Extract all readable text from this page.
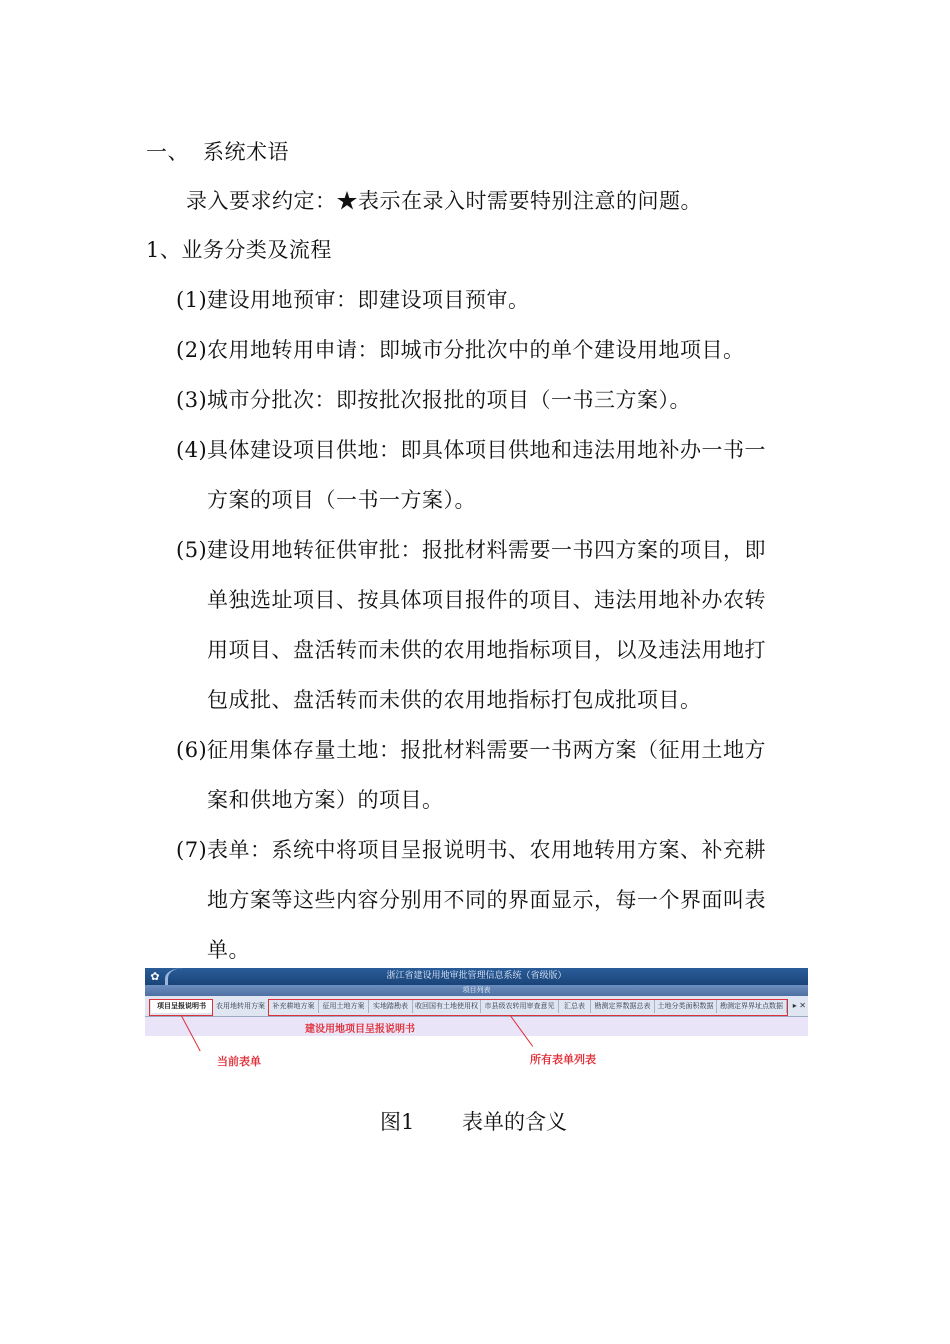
一、 系统术语
录入要求约定：★表示在录入时需要特别注意的问题。
1、业务分类及流程
(1) 建设用地预审：即建设项目预审。
(2) 农用地转用申请：即城市分批次中的单个建设用地项目。
(3) 城市分批次：即按批次报批的项目（一书三方案）。
(4) 具体建设项目供地：即具体项目供地和违法用地补办一书一
方案的项目（一书一方案）。
(5) 建设用地转征供审批：报批材料需要一书四方案的项目，即
单独选址项目、按具体项目报件的项目、违法用地补办农转
用项目、盘活转而未供的农用地指标项目，以及违法用地打
包成批、盘活转而未供的农用地指标打包成批项目。
(6) 征用集体存量土地：报批材料需要一书两方案（征用土地方
案和供地方案）的项目。
(7) 表单：系统中将项目呈报说明书、农用地转用方案、补充耕
地方案等这些内容分别用不同的界面显示，每一个界面叫表
单。
浙江省建设用地审批管理信息系统（省级版）
✿
项目列表
项目呈报说明书	农用地转用方案	补充耕地方案	征用土地方案	实地踏勘表	收回国有土地使用权 市县级农转用审查意见	汇总表	勘测定界数据总表	土地分类面积数据 勘测定界界址点数据	▸ ✕
建设用地项目呈报说明书
当前表单	所有表单列表
图1 表单的含义
